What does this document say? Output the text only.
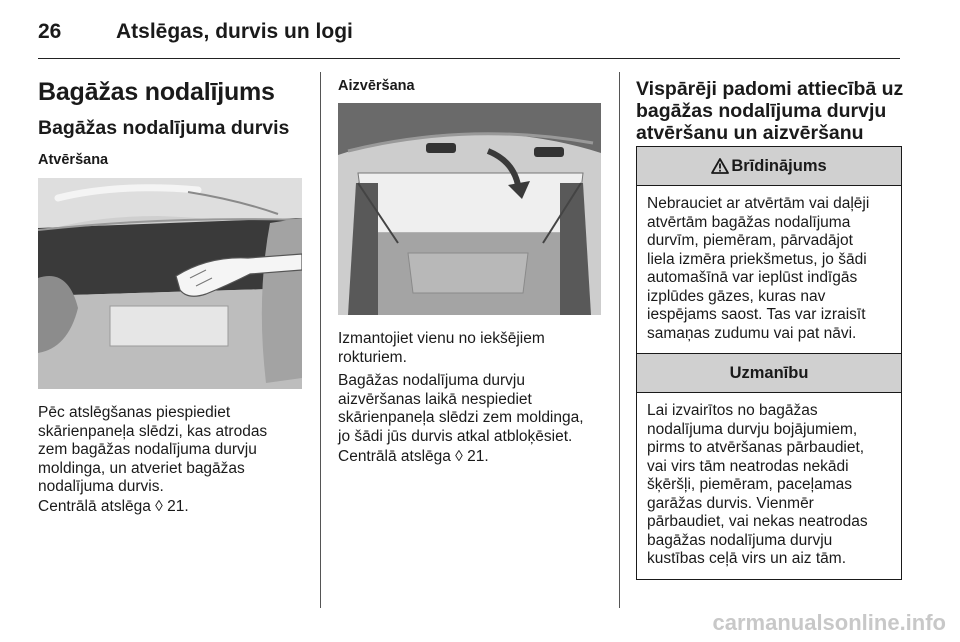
26	Atslēgas, durvis un logi
Bagāžas nodalījums
Bagāžas nodalījuma durvis
Atvēršana
Pēc atslēgšanas piespiediet
skārienpaneļa slēdzi, kas atrodas
zem bagāžas nodalījuma durvju
moldinga, un atveriet bagāžas
nodalījuma durvis.
Centrālā atslēga ◊ 21.
Aizvēršana
Izmantojiet vienu no iekšējiem
rokturiem.
Bagāžas nodalījuma durvju
aizvēršanas laikā nespiediet
skārienpaneļa slēdzi zem moldinga,
jo šādi jūs durvis atkal atbloķēsiet.
Centrālā atslēga ◊ 21.
Vispārēji padomi attiecībā uz
bagāžas nodalījuma durvju
atvēršanu un aizvēršanu
Brīdinājums
Nebrauciet ar atvērtām vai daļēji
atvērtām bagāžas nodalījuma
durvīm, piemēram, pārvadājot
liela izmēra priekšmetus, jo šādi
automašīnā var ieplūst indīgās
izplūdes gāzes, kuras nav
iespējams saost. Tas var izraisīt
samaņas zudumu vai pat nāvi.
Uzmanību
Lai izvairītos no bagāžas
nodalījuma durvju bojājumiem,
pirms to atvēršanas pārbaudiet,
vai virs tām neatrodas nekādi
šķēršļi, piemēram, paceļamas
garāžas durvis. Vienmēr
pārbaudiet, vai nekas neatrodas
bagāžas nodalījuma durvju
kustības ceļā virs un aiz tām.
carmanualsonline.info
